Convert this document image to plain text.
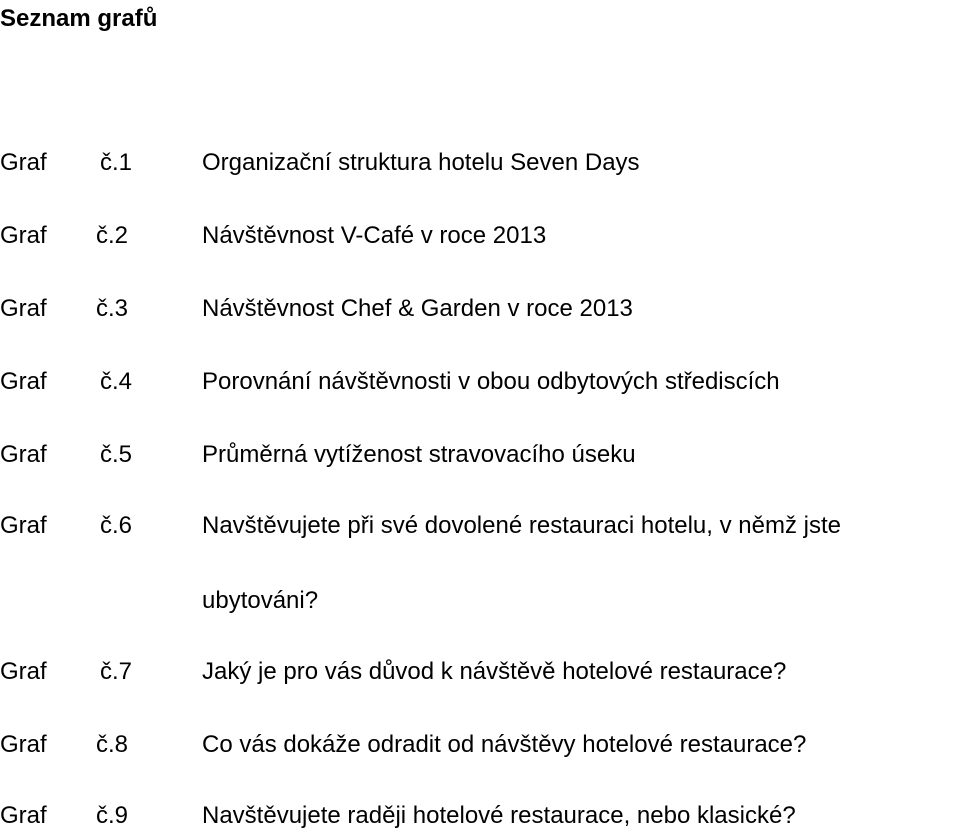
Seznam grafů
Graf č.1	Organizační struktura hotelu Seven Days
Graf č.2	Návštěvnost V-Café v roce 2013
Graf č.3	Návštěvnost Chef & Garden v roce 2013
Graf č.4	Porovnání návštěvnosti v obou odbytových střediscích
Graf č.5	Průměrná vytíženost stravovacího úseku
Graf č.6	Navštěvujete při své dovolené restauraci hotelu, v němž jste
ubytováni?
Graf č.7	Jaký je pro vás důvod k návštěvě hotelové restaurace?
Graf č.8	Co vás dokáže odradit od návštěvy hotelové restaurace?
Graf č.9	Navštěvujete raději hotelové restaurace, nebo klasické?
